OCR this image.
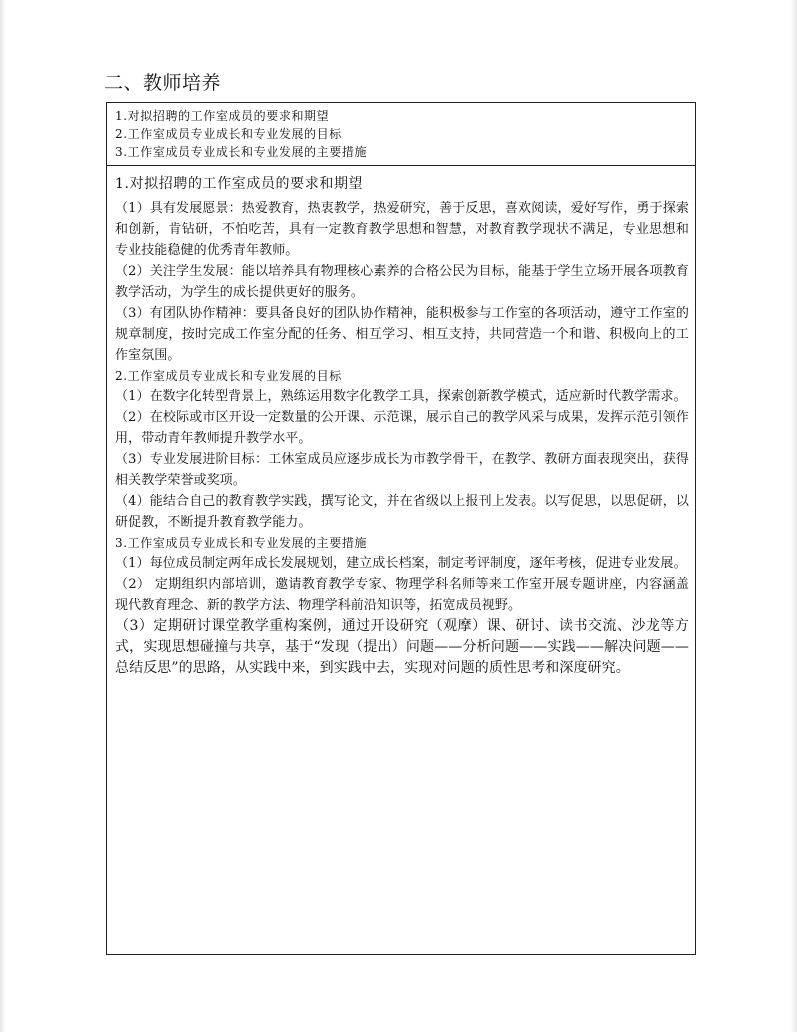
二、教师培养
1.对拟招聘的工作室成员的要求和期望
2.工作室成员专业成长和专业发展的目标
3.工作室成员专业成长和专业发展的主要措施
1.对拟招聘的工作室成员的要求和期望
（1）具有发展愿景：热爱教育，热衷教学，热爱研究，善于反思，喜欢阅读，爱好写作，勇于探索和创新，肯钻研，不怕吃苦，具有一定教育教学思想和智慧，对教育教学现状不满足，专业思想和专业技能稳健的优秀青年教师。
（2）关注学生发展：能以培养具有物理核心素养的合格公民为目标，能基于学生立场开展各项教育教学活动，为学生的成长提供更好的服务。
（3）有团队协作精神：要具备良好的团队协作精神，能积极参与工作室的各项活动，遵守工作室的规章制度，按时完成工作室分配的任务、相互学习、相互支持，共同营造一个和谐、积极向上的工作室氛围。
2.工作室成员专业成长和专业发展的目标
（1）在数字化转型背景上，熟练运用数字化教学工具，探索创新教学模式，适应新时代教学需求。
（2）在校际或市区开设一定数量的公开课、示范课，展示自己的教学风采与成果，发挥示范引领作用，带动青年教师提升教学水平。
（3）专业发展进阶目标：工休室成员应逐步成长为市教学骨干，在教学、教研方面表现突出，获得相关教学荣誉或奖项。
（4）能结合自己的教育教学实践，撰写论文，并在省级以上报刊上发表。以写促思，以思促研，以研促教，不断提升教育教学能力。
3.工作室成员专业成长和专业发展的主要措施
（1）每位成员制定两年成长发展规划，建立成长档案，制定考评制度，逐年考核，促进专业发展。
（2） 定期组织内部培训，邀请教育教学专家、物理学科名师等来工作室开展专题讲座，内容涵盖现代教育理念、新的教学方法、物理学科前沿知识等，拓宽成员视野。
（3）定期研讨课堂教学重构案例，通过开设研究（观摩）课、研讨、读书交流、沙龙等方式，实现思想碰撞与共享，基于“发现（提出）问题——分析问题——实践——解决问题——总结反思”的思路，从实践中来，到实践中去，实现对问题的质性思考和深度研究。
